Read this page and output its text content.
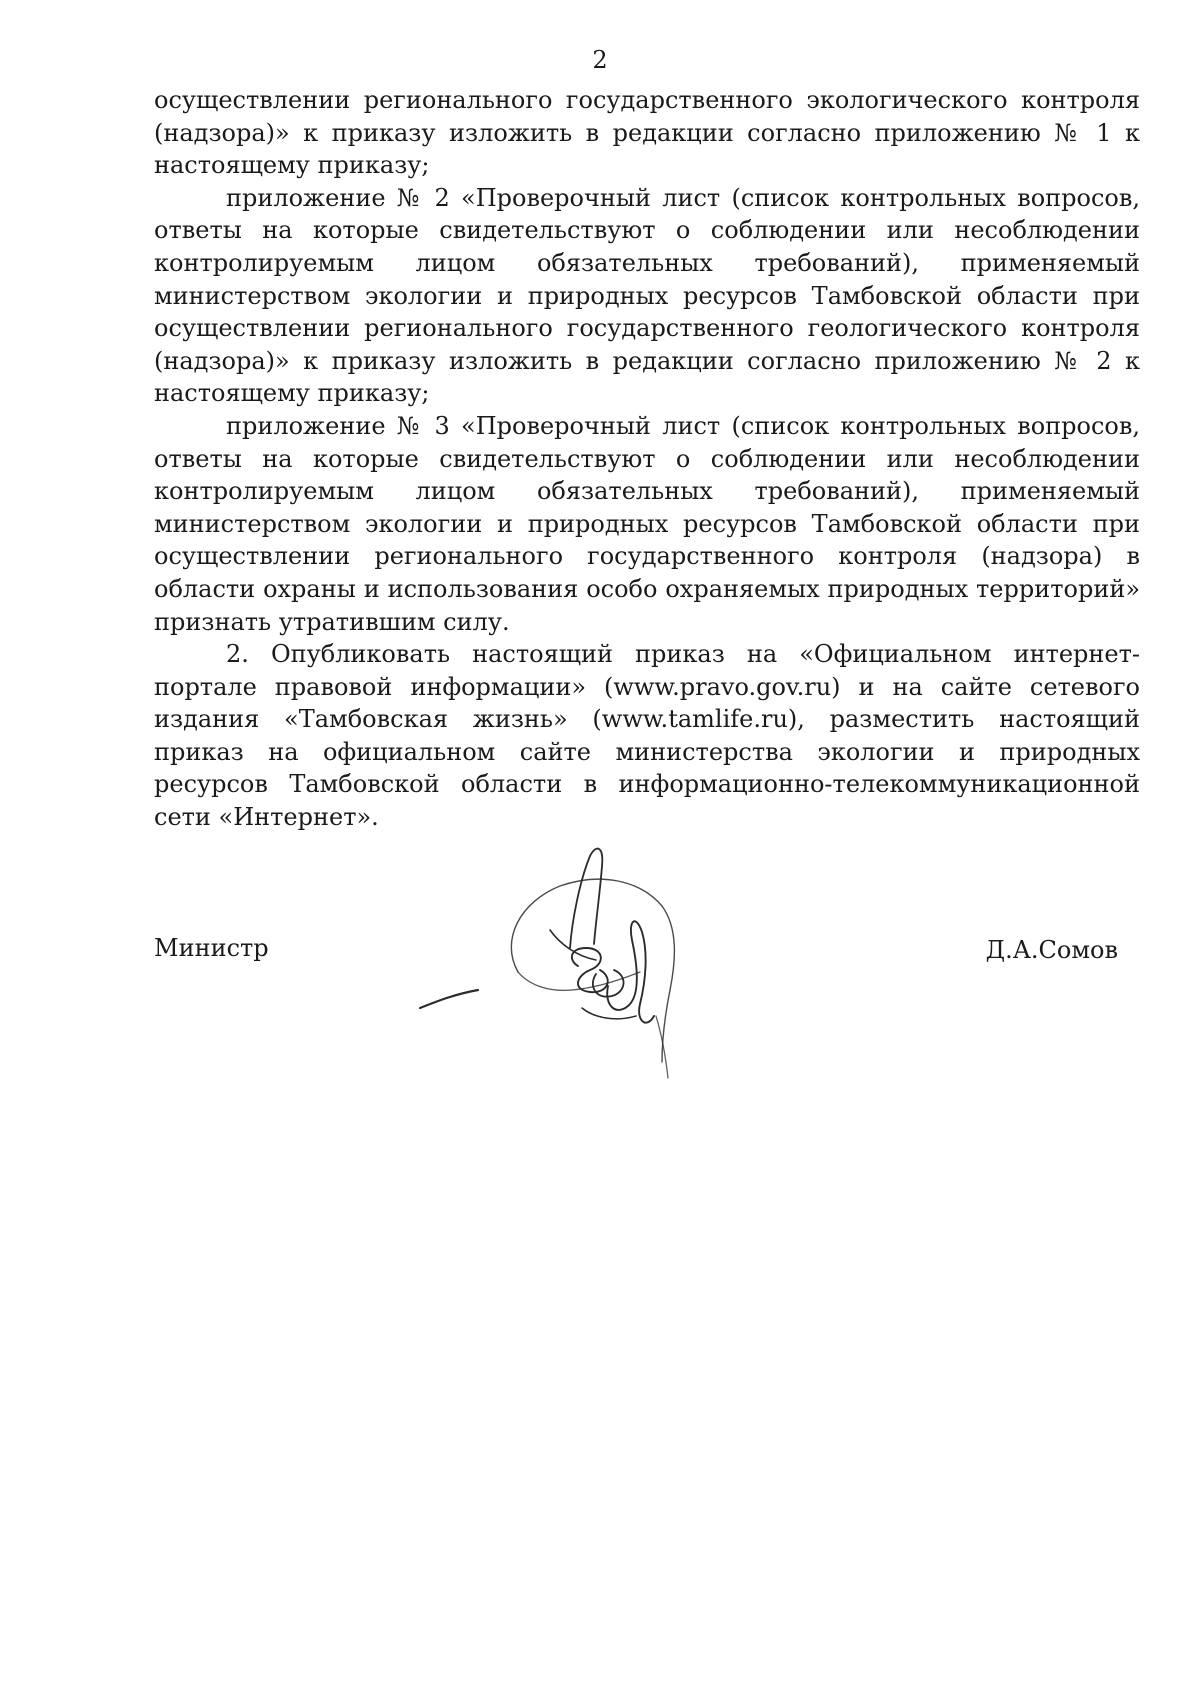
2

осуществлении регионального государственного экологического контроля (надзора)» к приказу изложить в редакции согласно приложению № 1 к настоящему приказу;

приложение № 2 «Проверочный лист (список контрольных вопросов, ответы на которые свидетельствуют о соблюдении или несоблюдении контролируемым лицом обязательных требований), применяемый министерством экологии и природных ресурсов Тамбовской области при осуществлении регионального государственного геологического контроля (надзора)» к приказу изложить в редакции согласно приложению № 2 к настоящему приказу;

приложение № 3 «Проверочный лист (список контрольных вопросов, ответы на которые свидетельствуют о соблюдении или несоблюдении контролируемым лицом обязательных требований), применяемый министерством экологии и природных ресурсов Тамбовской области при осуществлении регионального государственного контроля (надзора) в области охраны и использования особо охраняемых природных территорий» признать утратившим силу.

2. Опубликовать настоящий приказ на «Официальном интернет-портале правовой информации» (www.pravo.gov.ru) и на сайте сетевого издания «Тамбовская жизнь» (www.tamlife.ru), разместить настоящий приказ на официальном сайте министерства экологии и природных ресурсов Тамбовской области в информационно-телекоммуникационной сети «Интернет».

Министр	Д.А.Сомов
